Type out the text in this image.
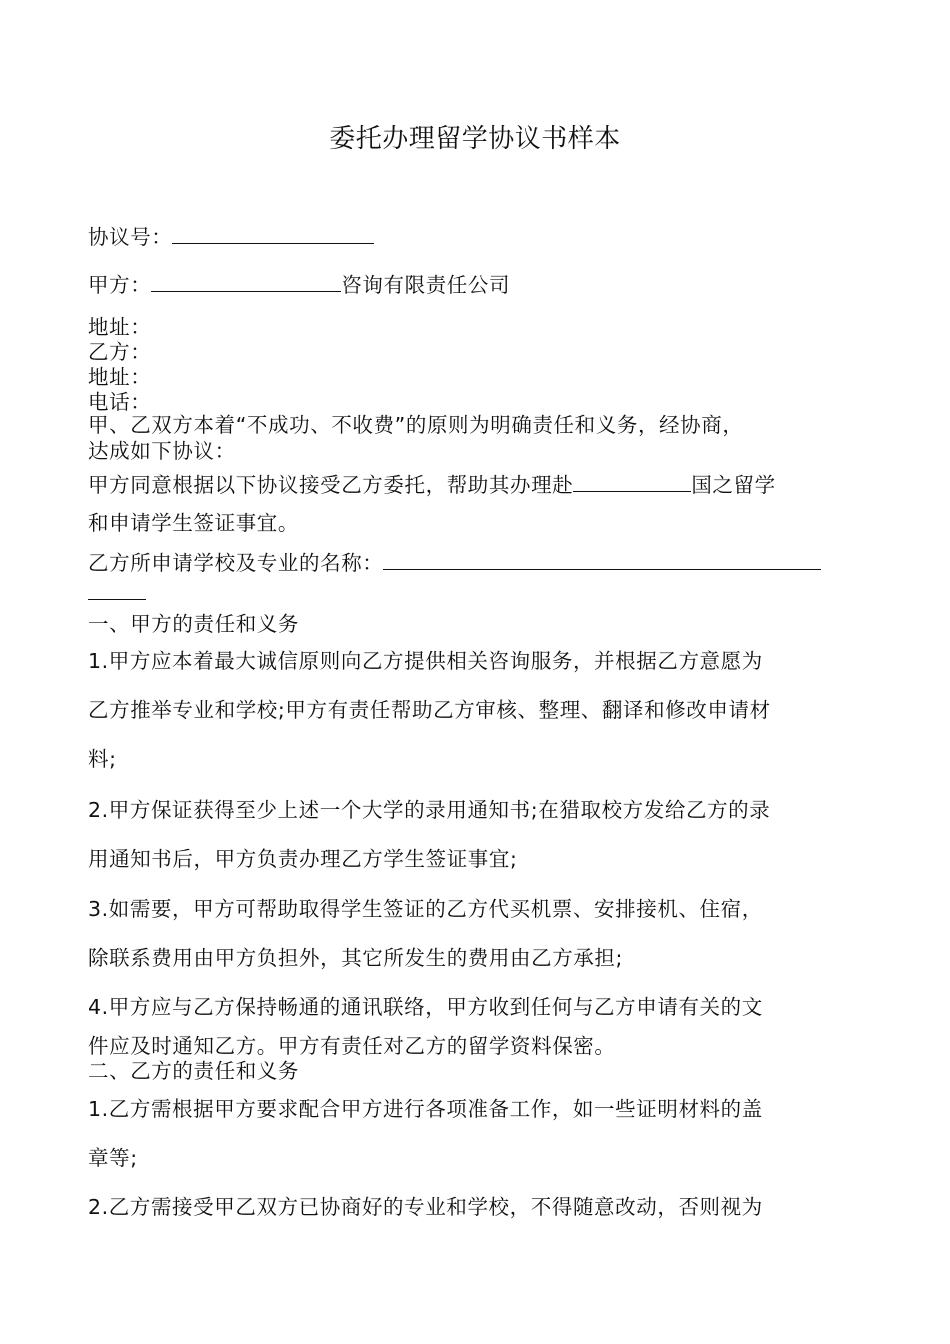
委托办理留学协议书样本
协议号：
甲方：	咨询有限责任公司
地址：
乙方：
地址：
电话：
甲、乙双方本着“不成功、不收费”的原则为明确责任和义务，经协商，
达成如下协议：
甲方同意根据以下协议接受乙方委托，帮助其办理赴	国之留学
和申请学生签证事宜。
乙方所申请学校及专业的名称：
一、甲方的责任和义务
1.甲方应本着最大诚信原则向乙方提供相关咨询服务，并根据乙方意愿为
乙方推举专业和学校;甲方有责任帮助乙方审核、整理、翻译和修改申请材
料;
2.甲方保证获得至少上述一个大学的录用通知书;在猎取校方发给乙方的录
用通知书后，甲方负责办理乙方学生签证事宜;
3.如需要，甲方可帮助取得学生签证的乙方代买机票、安排接机、住宿，
除联系费用由甲方负担外，其它所发生的费用由乙方承担;
4.甲方应与乙方保持畅通的通讯联络，甲方收到任何与乙方申请有关的文
件应及时通知乙方。甲方有责任对乙方的留学资料保密。
二、乙方的责任和义务
1.乙方需根据甲方要求配合甲方进行各项准备工作，如一些证明材料的盖
章等;
2.乙方需接受甲乙双方已协商好的专业和学校，不得随意改动，否则视为
